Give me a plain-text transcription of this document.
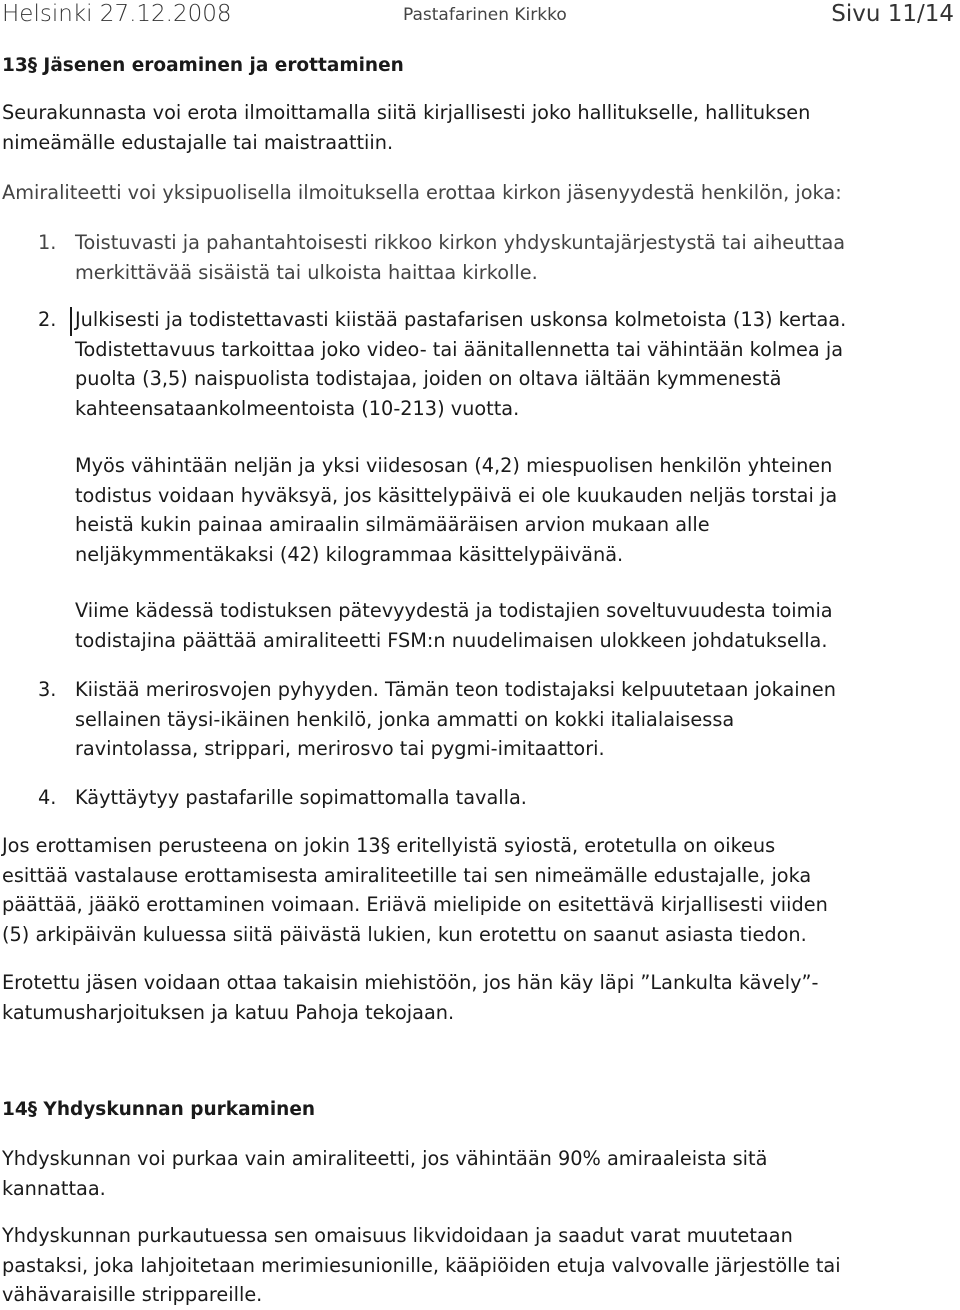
Helsinki 27.12.2008	Pastafarinen Kirkko	Sivu 11/14
13§ Jäsenen eroaminen ja erottaminen

Seurakunnasta voi erota ilmoittamalla siitä kirjallisesti joko hallitukselle, hallituksen
nimeämälle edustajalle tai maistraattiin.

Amiraliteetti voi yksipuolisella ilmoituksella erottaa kirkon jäsenyydestä henkilön, joka:

1. Toistuvasti ja pahantahtoisesti rikkoo kirkon yhdyskuntajärjestystä tai aiheuttaa
merkittävää sisäistä tai ulkoista haittaa kirkolle.

2. Julkisesti ja todistettavasti kiistää pastafarisen uskonsa kolmetoista (13) kertaa.
Todistettavuus tarkoittaa joko video- tai äänitallennetta tai vähintään kolmea ja
puolta (3,5) naispuolista todistajaa, joiden on oltava iältään kymmenestä
kahteensataankolmeentoista (10-213) vuotta.

Myös vähintään neljän ja yksi viidesosan (4,2) miespuolisen henkilön yhteinen
todistus voidaan hyväksyä, jos käsittelypäivä ei ole kuukauden neljäs torstai ja
heistä kukin painaa amiraalin silmämääräisen arvion mukaan alle
neljäkymmentäkaksi (42) kilogrammaa käsittelypäivänä.

Viime kädessä todistuksen pätevyydestä ja todistajien soveltuvuudesta toimia
todistajina päättää amiraliteetti FSM:n nuudelimaisen ulokkeen johdatuksella.

3. Kiistää merirosvojen pyhyyden. Tämän teon todistajaksi kelpuutetaan jokainen
sellainen täysi-ikäinen henkilö, jonka ammatti on kokki italialaisessa
ravintolassa, strippari, merirosvo tai pygmi-imitaattori.

4. Käyttäytyy pastafarille sopimattomalla tavalla.

Jos erottamisen perusteena on jokin 13§ eritellyistä syiostä, erotetulla on oikeus
esittää vastalause erottamisesta amiraliteetille tai sen nimeämälle edustajalle, joka
päättää, jääkö erottaminen voimaan. Eriävä mielipide on esitettävä kirjallisesti viiden
(5) arkipäivän kuluessa siitä päivästä lukien, kun erotettu on saanut asiasta tiedon.

Erotettu jäsen voidaan ottaa takaisin miehistöön, jos hän käy läpi ”Lankulta kävely”-
katumusharjoituksen ja katuu Pahoja tekojaan.

14§ Yhdyskunnan purkaminen

Yhdyskunnan voi purkaa vain amiraliteetti, jos vähintään 90% amiraaleista sitä
kannattaa.

Yhdyskunnan purkautuessa sen omaisuus likvidoidaan ja saadut varat muutetaan
pastaksi, joka lahjoitetaan merimiesunionille, kääpiöiden etuja valvovalle järjestölle tai
vähävaraisille strippareille.
